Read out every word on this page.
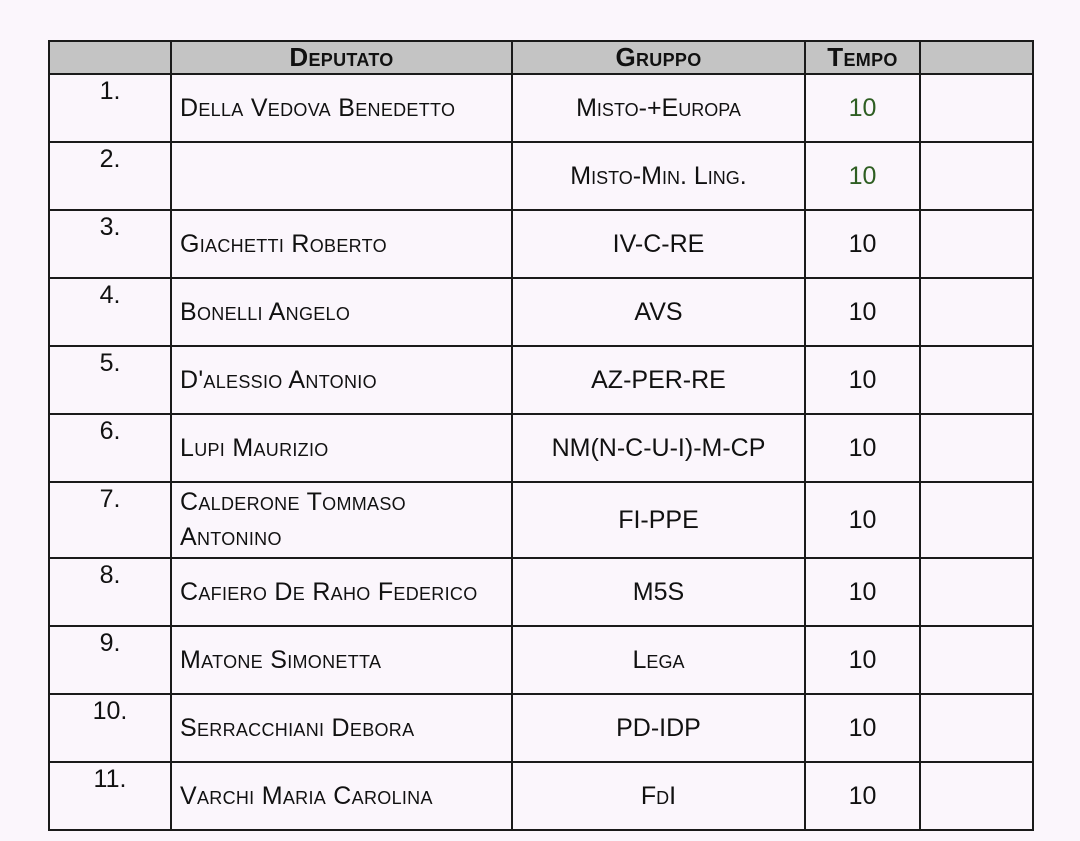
	Deputato	Gruppo	Tempo	
1.	Della Vedova Benedetto	Misto-+Europa	10	
2.		Misto-Min. Ling.	10	
3.	Giachetti Roberto	IV-C-RE	10	
4.	Bonelli Angelo	AVS	10	
5.	D'alessio Antonio	AZ-PER-RE	10	
6.	Lupi Maurizio	NM(N-C-U-I)-M-CP	10	
7.	Calderone Tommaso Antonino	FI-PPE	10	
8.	Cafiero De Raho Federico	M5S	10	
9.	Matone Simonetta	Lega	10	
10.	Serracchiani Debora	PD-IDP	10	
11.	Varchi Maria Carolina	FdI	10	
